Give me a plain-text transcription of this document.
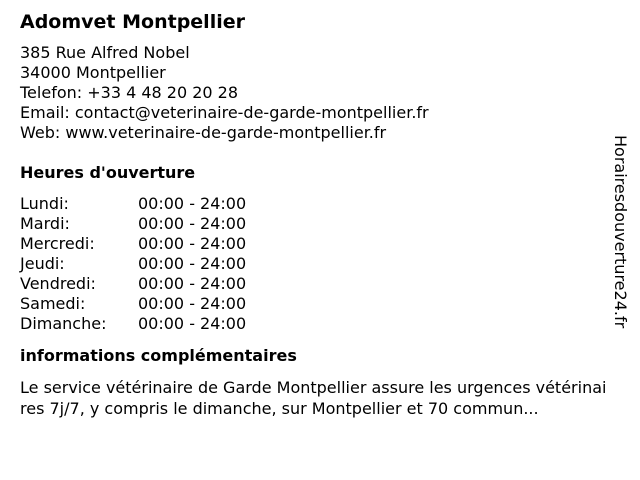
Adomvet Montpellier
385 Rue Alfred Nobel
34000 Montpellier
Telefon: +33 4 48 20 20 28
Email: contact@veterinaire-de-garde-montpellier.fr
Web: www.veterinaire-de-garde-montpellier.fr
Heures d'ouverture
Lundi:	00:00 - 24:00
Mardi:	00:00 - 24:00
Mercredi:	00:00 - 24:00
Jeudi:	00:00 - 24:00
Vendredi:	00:00 - 24:00
Samedi:	00:00 - 24:00
Dimanche:	00:00 - 24:00
informations complémentaires
Le service vétérinaire de Garde Montpellier assure les urgences vétérinaires 7j/7, y compris le dimanche, sur Montpellier et 70 commun...
Horairesdouverture24.fr
